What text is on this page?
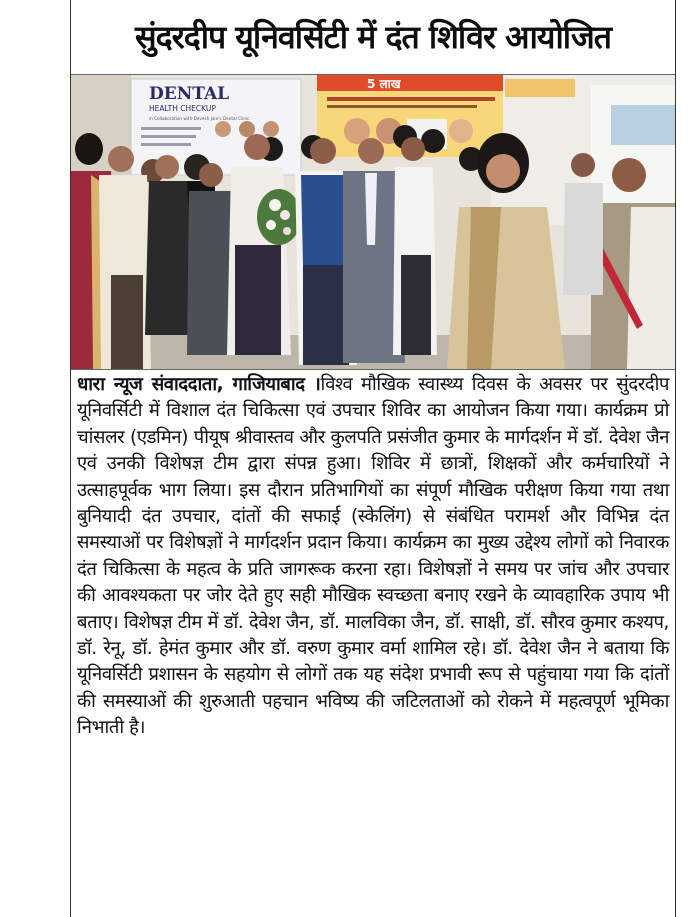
सुंदरदीप यूनिवर्सिटी में दंत शिविर आयोजित
DENTAL
HEALTH CHECKUP
in Collaboration with Devesh Jain's Dental Clinic
5 लाख
धारा न्यूज संवाददाता, गाजियाबाद ।विश्व मौखिक स्वास्थ्य दिवस के अवसर पर सुंदरदीप यूनिवर्सिटी में विशाल दंत चिकित्सा एवं उपचार शिविर का आयोजन किया गया। कार्यक्रम प्रो चांसलर (एडमिन) पीयूष श्रीवास्तव और कुलपति प्रसंजीत कुमार के मार्गदर्शन में डॉ. देवेश जैन एवं उनकी विशेषज्ञ टीम द्वारा संपन्न हुआ। शिविर में छात्रों, शिक्षकों और कर्मचारियों ने उत्साहपूर्वक भाग लिया। इस दौरान प्रतिभागियों का संपूर्ण मौखिक परीक्षण किया गया तथा बुनियादी दंत उपचार, दांतों की सफाई (स्केलिंग) से संबंधित परामर्श और विभिन्न दंत समस्याओं पर विशेषज्ञों ने मार्गदर्शन प्रदान किया। कार्यक्रम का मुख्य उद्देश्य लोगों को निवारक दंत चिकित्सा के महत्व के प्रति जागरूक करना रहा। विशेषज्ञों ने समय पर जांच और उपचार की आवश्यकता पर जोर देते हुए सही मौखिक स्वच्छता बनाए रखने के व्यावहारिक उपाय भी बताए। विशेषज्ञ टीम में डॉ. देवेश जैन, डॉ. मालविका जैन, डॉ. साक्षी, डॉ. सौरव कुमार कश्यप, डॉ. रेनू, डॉ. हेमंत कुमार और डॉ. वरुण कुमार वर्मा शामिल रहे। डॉ. देवेश जैन ने बताया कि यूनिवर्सिटी प्रशासन के सहयोग से लोगों तक यह संदेश प्रभावी रूप से पहुंचाया गया कि दांतों की समस्याओं की शुरुआती पहचान भविष्य की जटिलताओं को रोकने में महत्वपूर्ण भूमिका निभाती है।
